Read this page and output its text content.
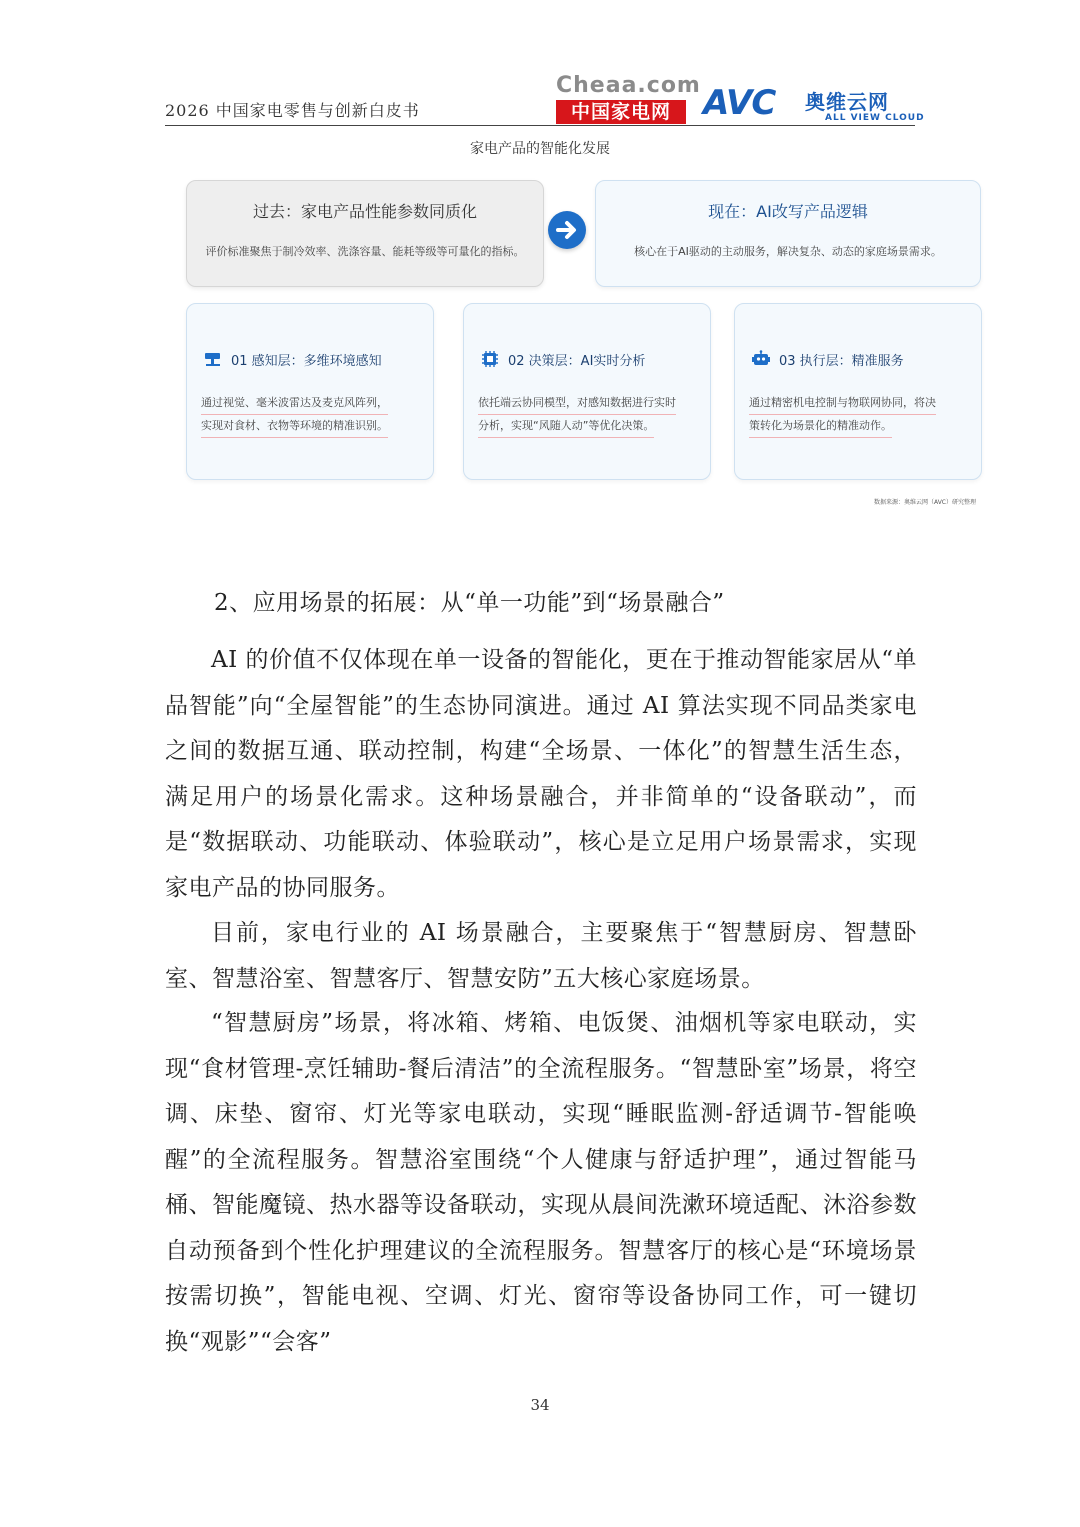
2026 中国家电零售与创新白皮书
Cheaa.com
中国家电网 AVC 奥维云网
ALL VIEW CLOUD
家电产品的智能化发展
过去：家电产品性能参数同质化
评价标准聚焦于制冷效率、洗涤容量、能耗等级等可量化的指标。
现在：AI改写产品逻辑
核心在于AI驱动的主动服务，解决复杂、动态的家庭场景需求。
01 感知层：多维环境感知
通过视觉、毫米波雷达及麦克风阵列，
实现对食材、衣物等环境的精准识别。
02 决策层：AI实时分析
依托端云协同模型，对感知数据进行实时
分析，实现“风随人动”等优化决策。
03 执行层：精准服务
通过精密机电控制与物联网协同，将决
策转化为场景化的精准动作。
数据来源：奥维云网（AVC）研究整理
2、应用场景的拓展：从“单一功能”到“场景融合”

AI 的价值不仅体现在单一设备的智能化，更在于推动智能家居从“单品智能”向“全屋智能”的生态协同演进。通过 AI 算法实现不同品类家电之间的数据互通、联动控制，构建“全场景、一体化”的智慧生活生态，满足用户的场景化需求。这种场景融合，并非简单的“设备联动”，而是“数据联动、功能联动、体验联动”，核心是立足用户场景需求，实现家电产品的协同服务。

目前，家电行业的 AI 场景融合，主要聚焦于“智慧厨房、智慧卧室、智慧浴室、智慧客厅、智慧安防”五大核心家庭场景。

“智慧厨房”场景，将冰箱、烤箱、电饭煲、油烟机等家电联动，实现“食材管理-烹饪辅助-餐后清洁”的全流程服务。“智慧卧室”场景，将空调、床垫、窗帘、灯光等家电联动，实现“睡眠监测-舒适调节-智能唤醒”的全流程服务。智慧浴室围绕“个人健康与舒适护理”，通过智能马桶、智能魔镜、热水器等设备联动，实现从晨间洗漱环境适配、沐浴参数自动预备到个性化护理建议的全流程服务。智慧客厅的核心是“环境场景按需切换”，智能电视、空调、灯光、窗帘等设备协同工作，可一键切换“观影”“会客”

34
